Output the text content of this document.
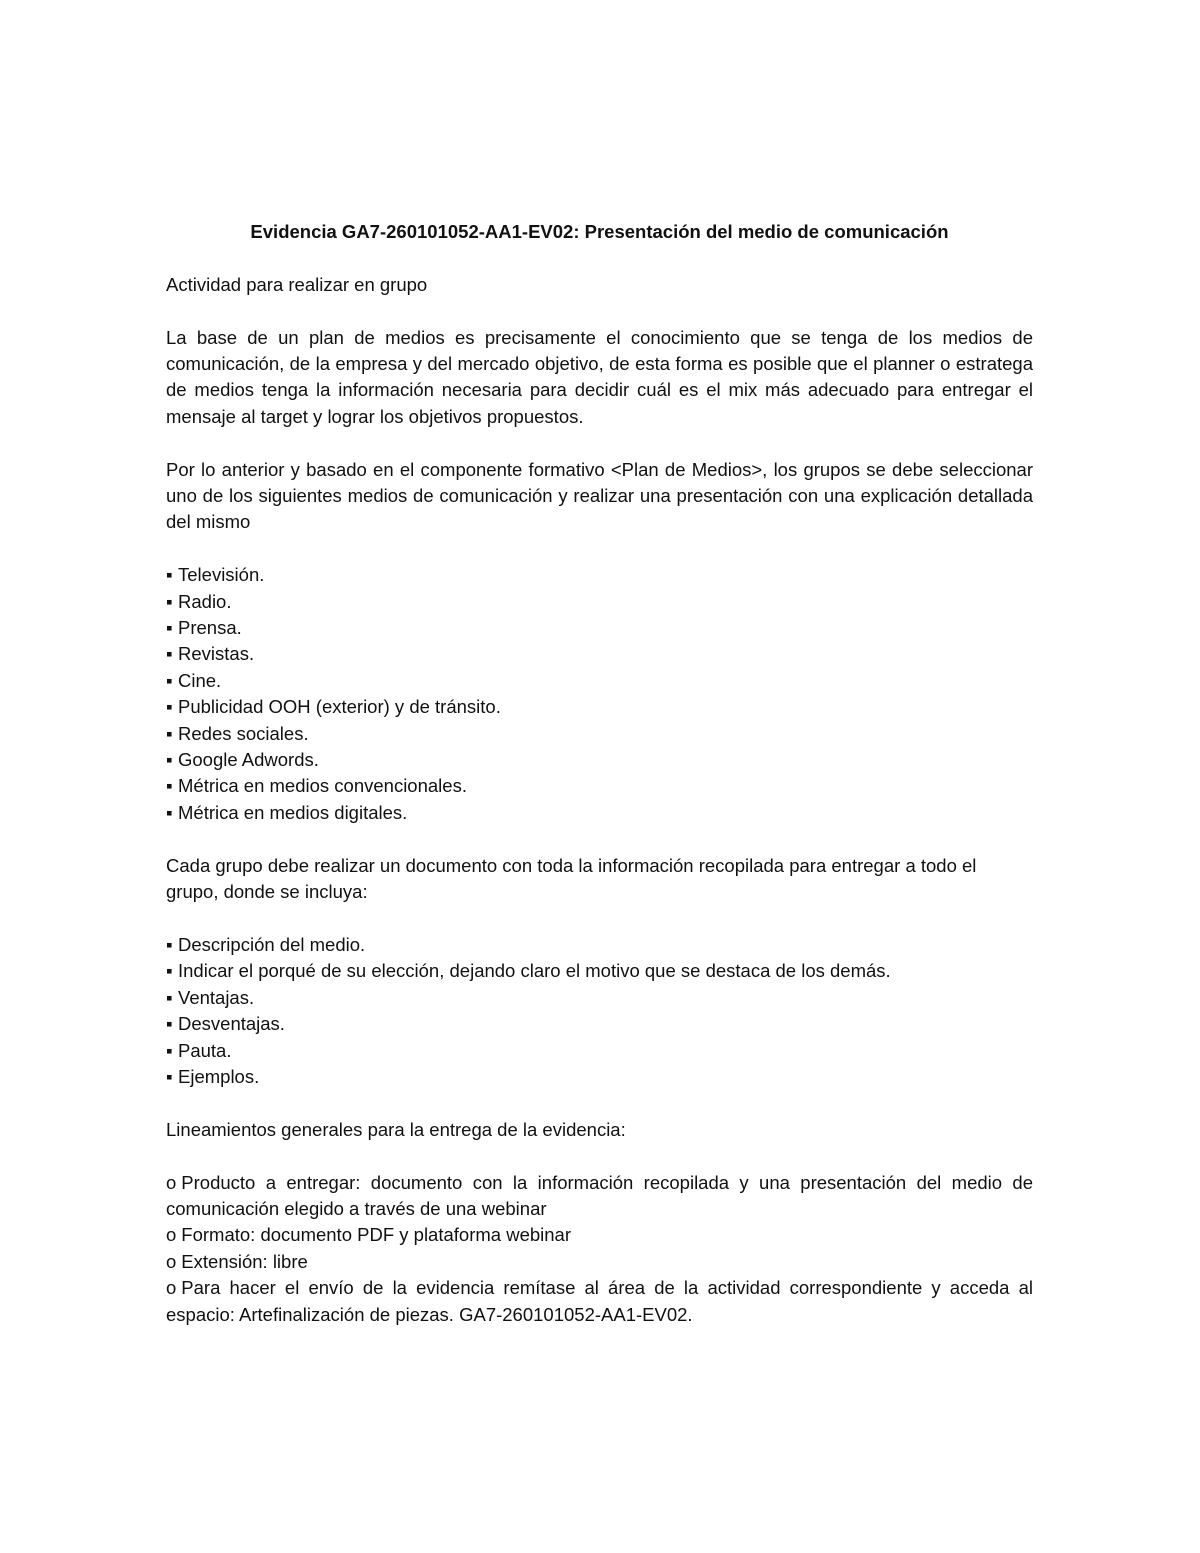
Evidencia GA7-260101052-AA1-EV02: Presentación del medio de comunicación

Actividad para realizar en grupo

La base de un plan de medios es precisamente el conocimiento que se tenga de los medios de comunicación, de la empresa y del mercado objetivo, de esta forma es posible que el planner o estratega de medios tenga la información necesaria para decidir cuál es el mix más adecuado para entregar el mensaje al target y lograr los objetivos propuestos.

Por lo anterior y basado en el componente formativo <Plan de Medios>, los grupos se debe seleccionar uno de los siguientes medios de comunicación y realizar una presentación con una explicación detallada del mismo

▪ Televisión.
▪ Radio.
▪ Prensa.
▪ Revistas.
▪ Cine.
▪ Publicidad OOH (exterior) y de tránsito.
▪ Redes sociales.
▪ Google Adwords.
▪ Métrica en medios convencionales.
▪ Métrica en medios digitales.

Cada grupo debe realizar un documento con toda la información recopilada para entregar a todo el grupo, donde se incluya:

▪ Descripción del medio.
▪ Indicar el porqué de su elección, dejando claro el motivo que se destaca de los demás.
▪ Ventajas.
▪ Desventajas.
▪ Pauta.
▪ Ejemplos.

Lineamientos generales para la entrega de la evidencia:

o Producto a entregar: documento con la información recopilada y una presentación del medio de comunicación elegido a través de una webinar
o Formato: documento PDF y plataforma webinar
o Extensión: libre
o Para hacer el envío de la evidencia remítase al área de la actividad correspondiente y acceda al espacio: Artefinalización de piezas. GA7-260101052-AA1-EV02.
